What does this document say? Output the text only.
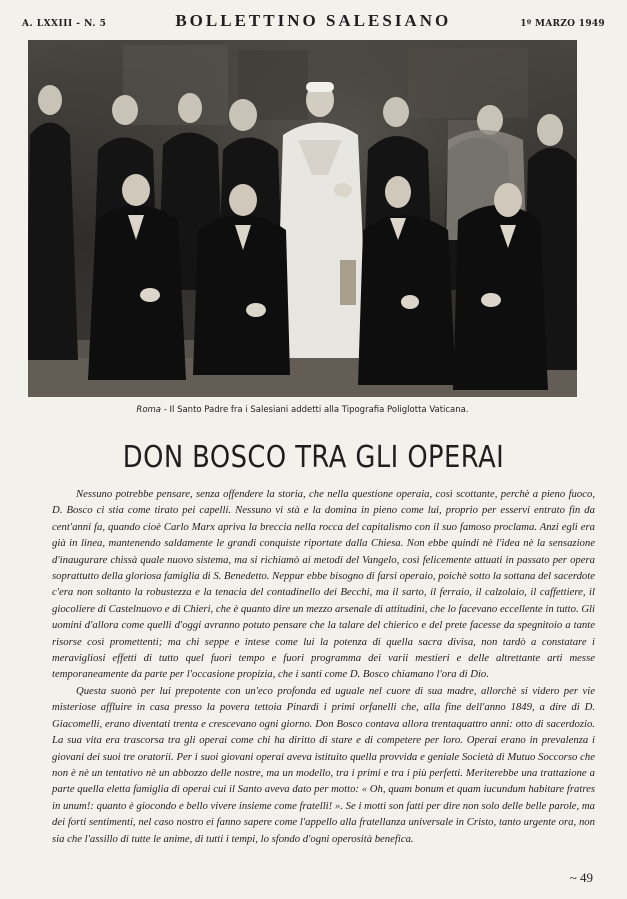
A. LXXIII - N. 5	BOLLETTINO SALESIANO	1º MARZO 1949
Roma - Il Santo Padre fra i Salesiani addetti alla Tipografia Poliglotta Vaticana.
DON BOSCO TRA GLI OPERAI

Nessuno potrebbe pensare, senza offendere la storia, che nella questione operaia, così scottante, perchè a pieno fuoco, D. Bosco ci stia come tirato pei capelli. Nessuno vi stà e la domina in pieno come lui, proprio per esservi entrato fin da cent'anni fa, quando cioè Carlo Marx apriva la breccia nella rocca del capitalismo con il suo famoso proclama. Anzi egli era già in linea, mantenendo saldamente le grandi conquiste riportate dalla Chiesa. Non ebbe quindi nè l'idea nè la sensazione d'inaugurare chissà quale nuovo sistema, ma si richiamò ai metodi del Vangelo, così felicemente attuati in passato per opera soprattutto della gloriosa famiglia di S. Benedetto. Neppur ebbe bisogno di farsi operaio, poichè sotto la sottana del sacerdote c'era non soltanto la robustezza e la tenacia del contadinello dei Becchi, ma il sarto, il ferraio, il calzolaio, il caffettiere, il giocoliere di Castelnuovo e di Chieri, che è quanto dire un mezzo arsenale di attitudini, che lo facevano eccellente in tutto. Gli uomini d'allora come quelli d'oggi avranno potuto pensare che la talare del chierico e del prete facesse da spegnitoio a tante risorse così promettenti; ma chi seppe e intese come lui la potenza di quella sacra divisa, non tardò a constatare i meravigliosi effetti di tutto quel fuori tempo e fuori programma dei varii mestieri e delle altrettante arti messe temporaneamente da parte per l'occasione propizia, che i santi come D. Bosco chiamano l'ora di Dio.

Questa suonò per lui prepotente con un'eco profonda ed uguale nel cuore di sua madre, allorchè si videro per vie misteriose affluire in casa presso la povera tettoia Pinardi i primi orfanelli che, alla fine dell'anno 1849, a dire di D. Giacomelli, erano diventati trenta e crescevano ogni giorno. Don Bosco contava allora trentaquattro anni: otto di sacerdozio. La sua vita era trascorsa tra gli operai come chi ha diritto di stare e di competere per loro. Operai erano in prevalenza i giovani dei suoi tre oratorii. Per i suoi giovani operai aveva istituito quella provvida e geniale Società di Mutuo Soccorso che non è nè un tentativo nè un abbozzo delle nostre, ma un modello, tra i primi e tra i più perfetti. Meriterebbe una trattazione a parte quella eletta famiglia di operai cui il Santo aveva dato per motto: « Oh, quam bonum et quam iucundum habitare fratres in unum!: quanto è giocondo e bello vivere insieme come fratelli! ». Se i motti son fatti per dire non solo delle belle parole, ma dei forti sentimenti, nel caso nostro ei fanno sapere come l'appello alla fratellanza universale in Cristo, tanto urgente ora, non sia che l'assillo di tutte le anime, di tutti i tempi, lo sfondo d'ogni operosità benefica.

~ 49
